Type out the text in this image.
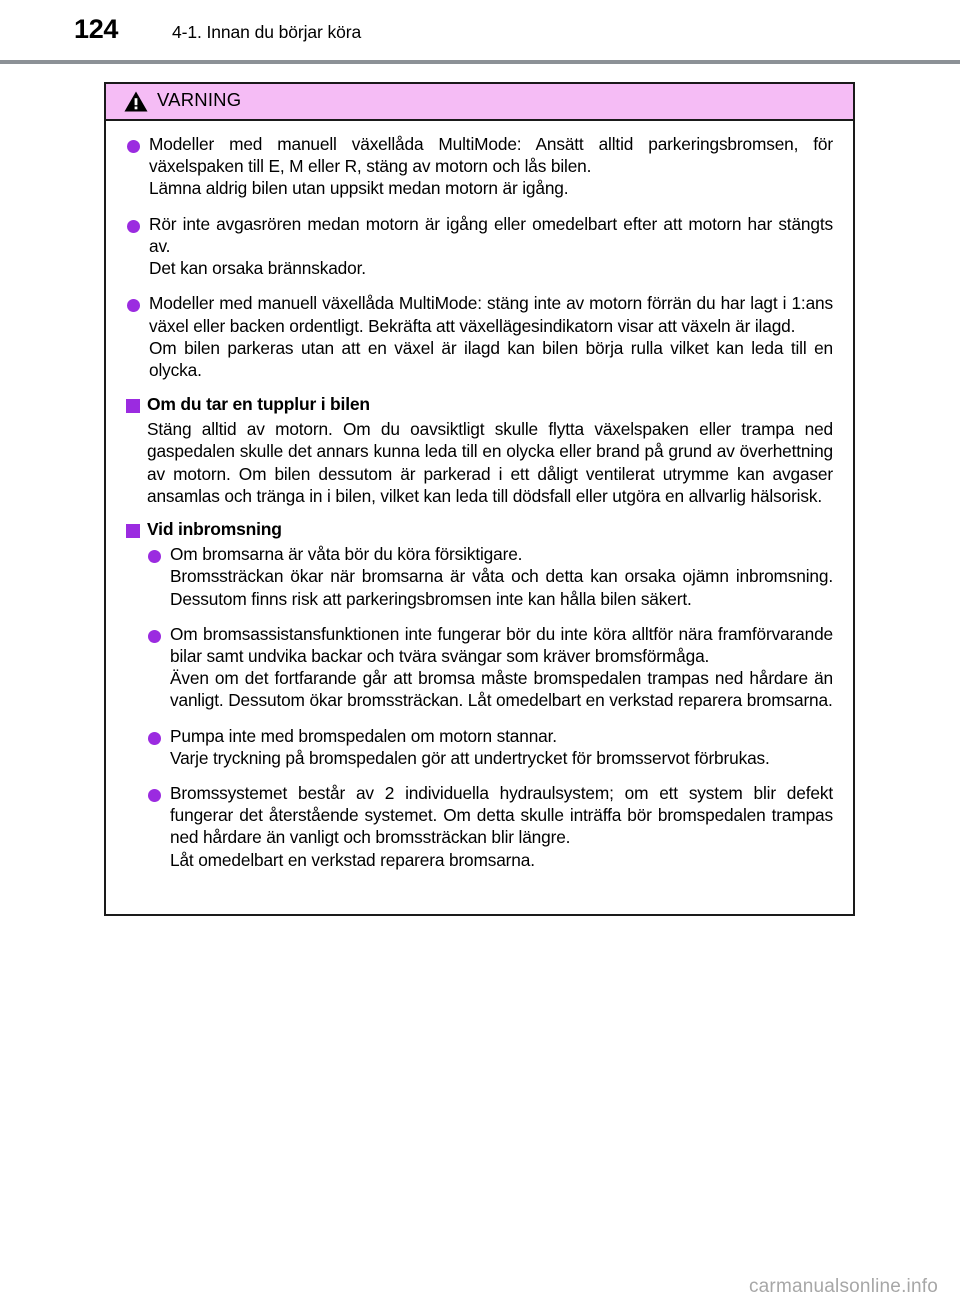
124	4-1. Innan du börjar köra
VARNING

Modeller med manuell växellåda MultiMode: Ansätt alltid parkeringsbromsen, för växelspaken till E, M eller R, stäng av motorn och lås bilen.

Lämna aldrig bilen utan uppsikt medan motorn är igång.

Rör inte avgasrören medan motorn är igång eller omedelbart efter att motorn har stängts av.

Det kan orsaka brännskador.

Modeller med manuell växellåda MultiMode: stäng inte av motorn förrän du har lagt i 1:ans växel eller backen ordentligt. Bekräfta att växellägesindikatorn visar att växeln är ilagd.

Om bilen parkeras utan att en växel är ilagd kan bilen börja rulla vilket kan leda till en olycka.

Om du tar en tupplur i bilen

Stäng alltid av motorn. Om du oavsiktligt skulle flytta växelspaken eller trampa ned gaspedalen skulle det annars kunna leda till en olycka eller brand på grund av överhettning av motorn. Om bilen dessutom är parkerad i ett dåligt ventilerat utrymme kan avgaser ansamlas och tränga in i bilen, vilket kan leda till dödsfall eller utgöra en allvarlig hälsorisk.

Vid inbromsning

Om bromsarna är våta bör du köra försiktigare.

Bromssträckan ökar när bromsarna är våta och detta kan orsaka ojämn inbromsning. Dessutom finns risk att parkeringsbromsen inte kan hålla bilen säkert.

Om bromsassistansfunktionen inte fungerar bör du inte köra alltför nära framförvarande bilar samt undvika backar och tvära svängar som kräver bromsförmåga.

Även om det fortfarande går att bromsa måste bromspedalen trampas ned hårdare än vanligt. Dessutom ökar bromssträckan. Låt omedelbart en verkstad reparera bromsarna.

Pumpa inte med bromspedalen om motorn stannar.

Varje tryckning på bromspedalen gör att undertrycket för bromsservot förbrukas.

Bromssystemet består av 2 individuella hydraulsystem; om ett system blir defekt fungerar det återstående systemet. Om detta skulle inträffa bör bromspedalen trampas ned hårdare än vanligt och bromssträckan blir längre.

Låt omedelbart en verkstad reparera bromsarna.

carmanualsonline.info
